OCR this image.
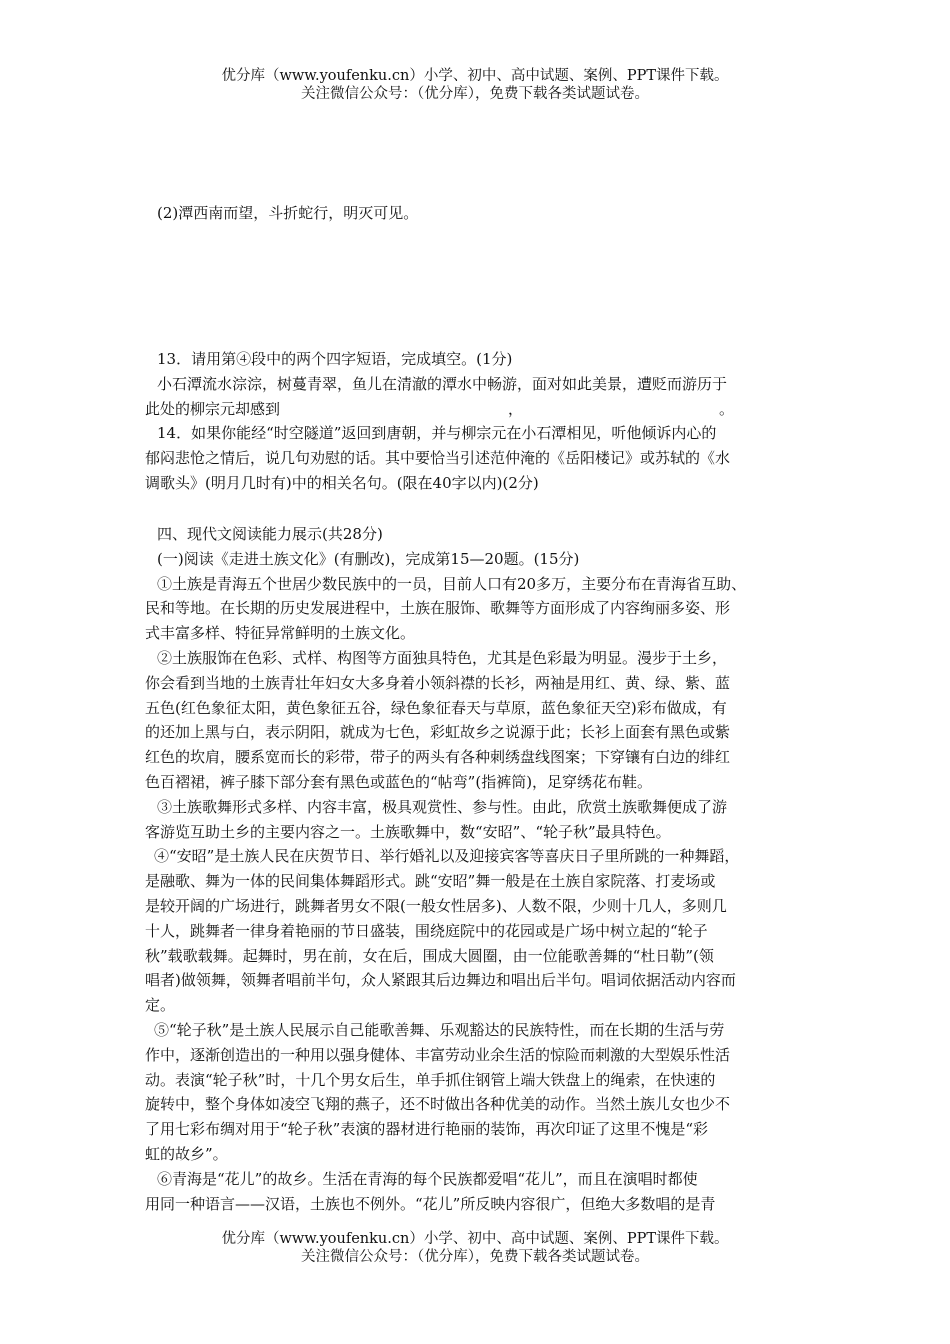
优分库（www.youfenku.cn）小学、初中、高中试题、案例、PPT课件下载。
关注微信公众号：（优分库），免费下载各类试题试卷。
(2)潭西南而望，斗折蛇行，明灭可见。
13．请用第④段中的两个四字短语，完成填空。(1分)
小石潭流水淙淙，树蔓青翠，鱼儿在清澈的潭水中畅游，面对如此美景，遭贬而游历于
此处的柳宗元却感到	，	。
14．如果你能经“时空隧道”返回到唐朝，并与柳宗元在小石潭相见，听他倾诉内心的
郁闷悲怆之情后，说几句劝慰的话。其中要恰当引述范仲淹的《岳阳楼记》或苏轼的《水
调歌头》(明月几时有)中的相关名句。(限在40字以内)(2分)
四、现代文阅读能力展示(共28分)
(一)阅读《走进土族文化》(有删改)，完成第15—20题。(15分)
①土族是青海五个世居少数民族中的一员，目前人口有20多万，主要分布在青海省互助、
民和等地。在长期的历史发展进程中，土族在服饰、歌舞等方面形成了内容绚丽多姿、形
式丰富多样、特征异常鲜明的土族文化。
②土族服饰在色彩、式样、构图等方面独具特色，尤其是色彩最为明显。漫步于土乡，
你会看到当地的土族青壮年妇女大多身着小领斜襟的长衫，两袖是用红、黄、绿、紫、蓝
五色(红色象征太阳，黄色象征五谷，绿色象征春天与草原，蓝色象征天空)彩布做成，有
的还加上黑与白，表示阴阳，就成为七色，彩虹故乡之说源于此；长衫上面套有黑色或紫
红色的坎肩，腰系宽而长的彩带，带子的两头有各种刺绣盘线图案；下穿镶有白边的绯红
色百褶裙，裤子膝下部分套有黑色或蓝色的“帖弯”(指裤筒)，足穿绣花布鞋。
③土族歌舞形式多样、内容丰富，极具观赏性、参与性。由此，欣赏土族歌舞便成了游
客游览互助土乡的主要内容之一。土族歌舞中，数“安昭”、“轮子秋”最具特色。
④“安昭”是土族人民在庆贺节日、举行婚礼以及迎接宾客等喜庆日子里所跳的一种舞蹈，
是融歌、舞为一体的民间集体舞蹈形式。跳“安昭”舞一般是在土族自家院落、打麦场或
是较开阔的广场进行，跳舞者男女不限(一般女性居多)、人数不限，少则十几人，多则几
十人，跳舞者一律身着艳丽的节日盛装，围绕庭院中的花园或是广场中树立起的“轮子
秋”载歌载舞。起舞时，男在前，女在后，围成大圆圈，由一位能歌善舞的“杜日勒”(领
唱者)做领舞，领舞者唱前半句，众人紧跟其后边舞边和唱出后半句。唱词依据活动内容而
定。
⑤“轮子秋”是土族人民展示自己能歌善舞、乐观豁达的民族特性，而在长期的生活与劳
作中，逐渐创造出的一种用以强身健体、丰富劳动业余生活的惊险而刺激的大型娱乐性活
动。表演“轮子秋”时，十几个男女后生，单手抓住钢管上端大铁盘上的绳索，在快速的
旋转中，整个身体如凌空飞翔的燕子，还不时做出各种优美的动作。当然土族儿女也少不
了用七彩布绸对用于“轮子秋”表演的器材进行艳丽的装饰，再次印证了这里不愧是“彩
虹的故乡”。
⑥青海是“花儿”的故乡。生活在青海的每个民族都爱唱“花儿”，而且在演唱时都使
用同一种语言——汉语，土族也不例外。“花儿”所反映内容很广，但绝大多数唱的是青
优分库（www.youfenku.cn）小学、初中、高中试题、案例、PPT课件下载。
关注微信公众号：（优分库），免费下载各类试题试卷。
